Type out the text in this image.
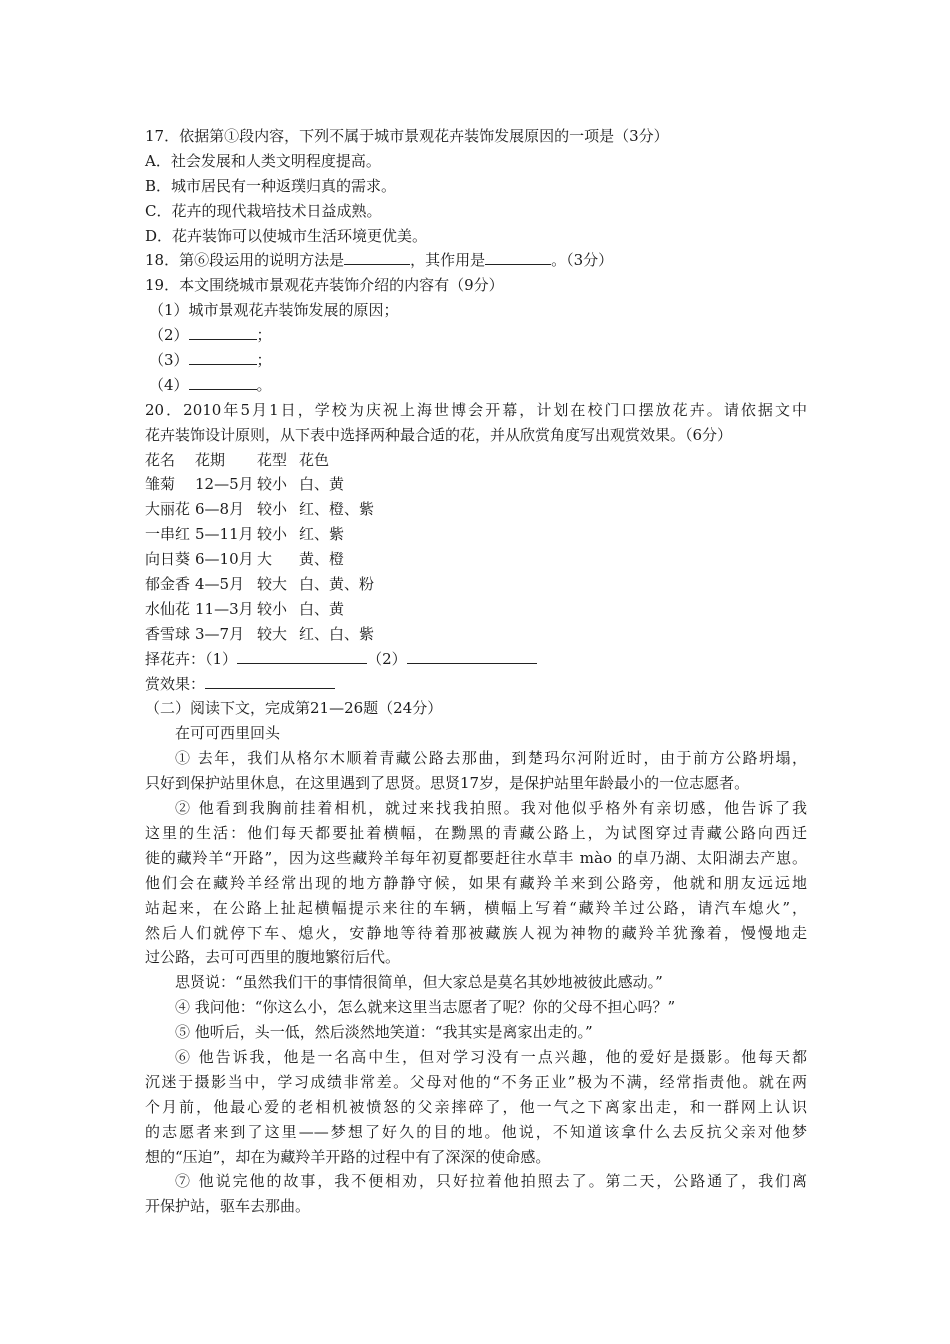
17．依据第①段内容，下列不属于城市景观花卉装饰发展原因的一项是（3分）
A．社会发展和人类文明程度提高。
B．城市居民有一种返璞归真的需求。
C．花卉的现代栽培技术日益成熟。
D．花卉装饰可以使城市生活环境更优美。
18．第⑥段运用的说明方法是	，其作用是	。（3分）
19．本文围绕城市景观花卉装饰介绍的内容有（9分）
（1）城市景观花卉装饰发展的原因；
（2）	；
（3）	；
（4）	。
20．2010年5月1日，学校为庆祝上海世博会开幕，计划在校门口摆放花卉。请依据文中
花卉装饰设计原则，从下表中选择两种最合适的花，并从欣赏角度写出观赏效果。（6分）
花名 花期 花型 花色
雏菊 12—5月 较小 白、黄
大丽花 6—8月 较小 红、橙、紫
一串红 5—11月 较小 红、紫
向日葵 6—10月 大 黄、橙
郁金香 4—5月 较大 白、黄、粉
水仙花 11—3月 较小 白、黄
香雪球 3—7月 较大 红、白、紫
择花卉：（1）	（2）
赏效果：
（二）阅读下文，完成第21—26题（24分）
在可可西里回头
① 去年，我们从格尔木顺着青藏公路去那曲，到楚玛尔河附近时，由于前方公路坍塌，
只好到保护站里休息，在这里遇到了思贤。思贤17岁，是保护站里年龄最小的一位志愿者。
② 他看到我胸前挂着相机，就过来找我拍照。我对他似乎格外有亲切感，他告诉了我
这里的生活：他们每天都要扯着横幅，在黝黑的青藏公路上，为试图穿过青藏公路向西迁
徙的藏羚羊“开路”，因为这些藏羚羊每年初夏都要赶往水草丰 mào 的卓乃湖、太阳湖去产崽。
他们会在藏羚羊经常出现的地方静静守候，如果有藏羚羊来到公路旁，他就和朋友远远地
站起来，在公路上扯起横幅提示来往的车辆，横幅上写着“藏羚羊过公路，请汽车熄火”，
然后人们就停下车、熄火，安静地等待着那被藏族人视为神物的藏羚羊犹豫着，慢慢地走
过公路，去可可西里的腹地繁衍后代。
思贤说：“虽然我们干的事情很简单，但大家总是莫名其妙地被彼此感动。”
④ 我问他：“你这么小，怎么就来这里当志愿者了呢？你的父母不担心吗？”
⑤ 他听后，头一低，然后淡然地笑道：“我其实是离家出走的。”
⑥ 他告诉我，他是一名高中生，但对学习没有一点兴趣，他的爱好是摄影。他每天都
沉迷于摄影当中，学习成绩非常差。父母对他的“不务正业”极为不满，经常指责他。就在两
个月前，他最心爱的老相机被愤怒的父亲摔碎了，他一气之下离家出走，和一群网上认识
的志愿者来到了这里——梦想了好久的目的地。他说，不知道该拿什么去反抗父亲对他梦
想的“压迫”，却在为藏羚羊开路的过程中有了深深的使命感。
⑦ 他说完他的故事，我不便相劝，只好拉着他拍照去了。第二天，公路通了，我们离
开保护站，驱车去那曲。
